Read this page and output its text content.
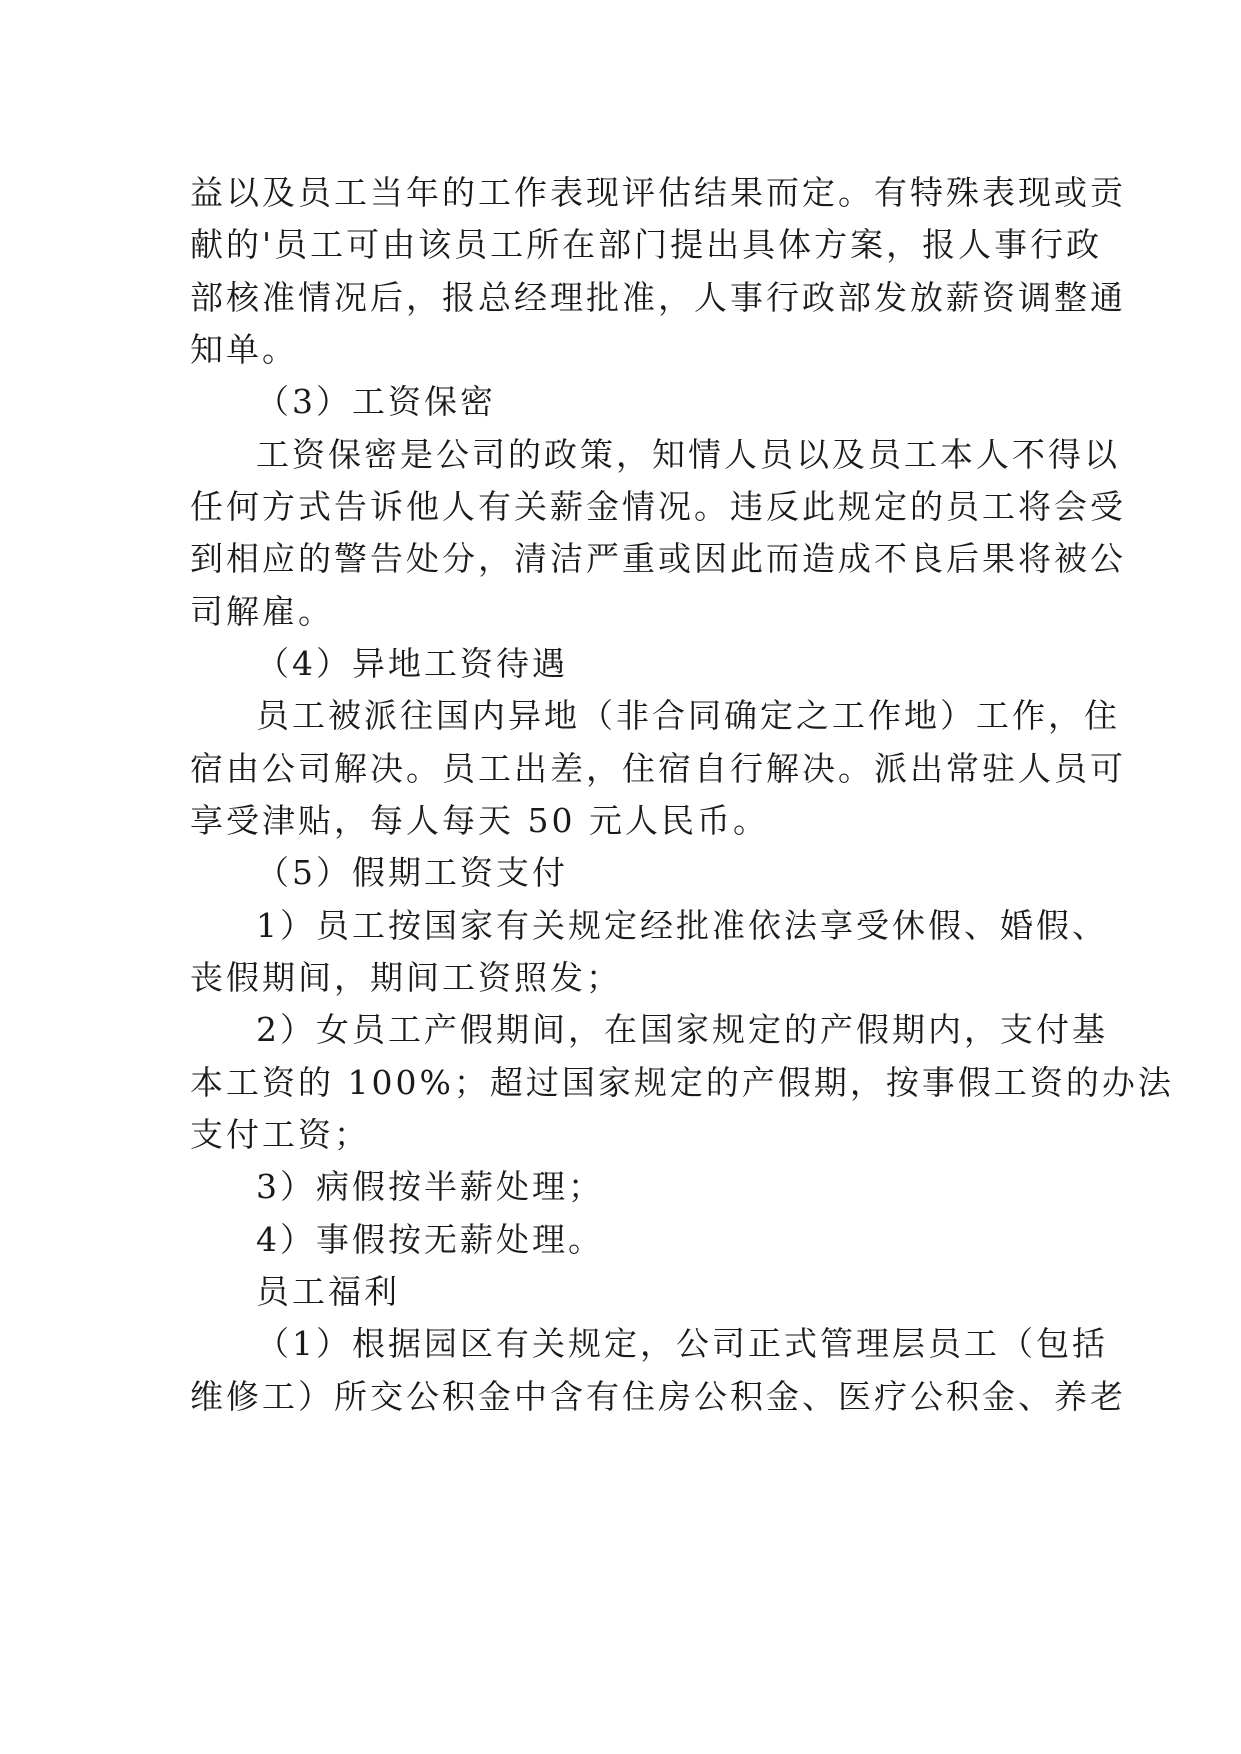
益以及员工当年的工作表现评估结果而定。有特殊表现或贡
献的'员工可由该员工所在部门提出具体方案，报人事行政
部核准情况后，报总经理批准，人事行政部发放薪资调整通
知单。
（3）工资保密
工资保密是公司的政策，知情人员以及员工本人不得以
任何方式告诉他人有关薪金情况。违反此规定的员工将会受
到相应的警告处分，清洁严重或因此而造成不良后果将被公
司解雇。
（4）异地工资待遇
员工被派往国内异地（非合同确定之工作地）工作，住
宿由公司解决。员工出差，住宿自行解决。派出常驻人员可
享受津贴，每人每天 50 元人民币。
（5）假期工资支付
1）员工按国家有关规定经批准依法享受休假、婚假、
丧假期间，期间工资照发；
2）女员工产假期间，在国家规定的产假期内，支付基
本工资的 100%；超过国家规定的产假期，按事假工资的办法
支付工资；
3）病假按半薪处理；
4）事假按无薪处理。
员工福利
（1）根据园区有关规定，公司正式管理层员工（包括
维修工）所交公积金中含有住房公积金、医疗公积金、养老
